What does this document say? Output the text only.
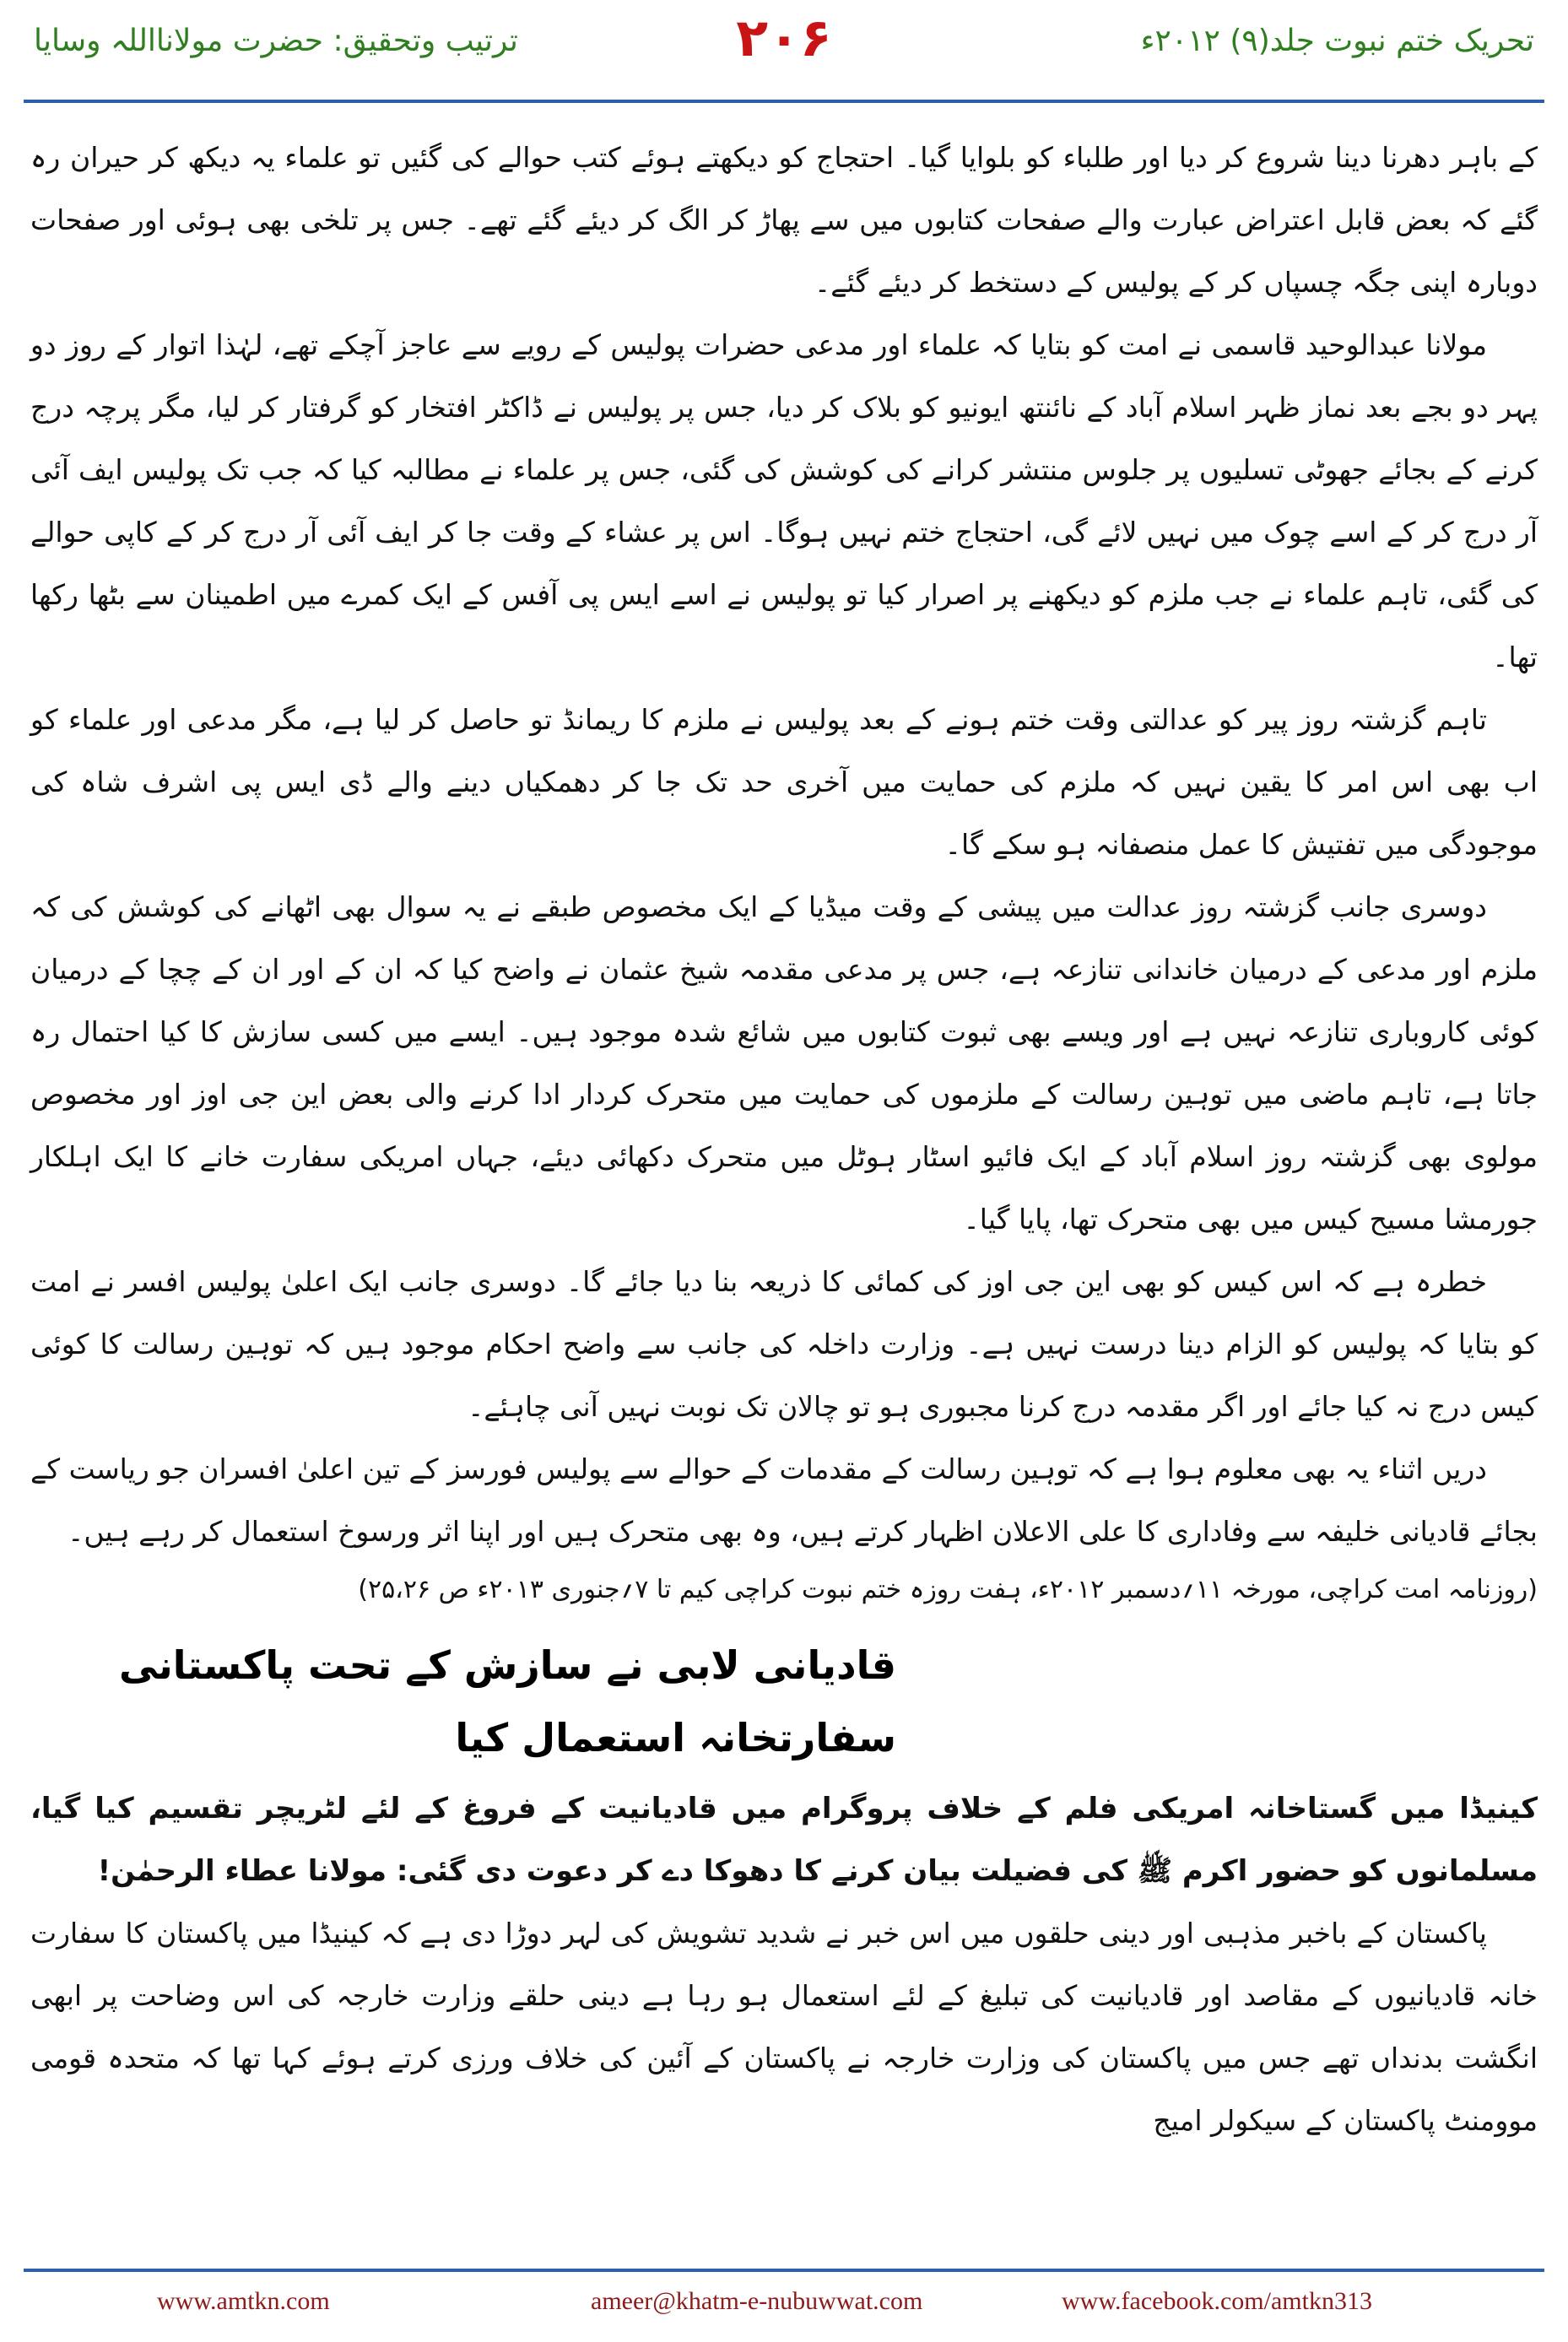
تحریک ختم نبوت جلد(۹) ۲۰۱۲ء
۲۰۶
ترتیب وتحقیق: حضرت مولانااللہ وسایا

کے باہر دھرنا دینا شروع کر دیا اور طلباء کو بلوایا گیا۔ احتجاج کو دیکھتے ہوئے کتب حوالے کی گئیں تو علماء یہ دیکھ کر حیران رہ گئے کہ بعض قابل اعتراض عبارت والے صفحات کتابوں میں سے پھاڑ کر الگ کر دیئے گئے تھے۔ جس پر تلخی بھی ہوئی اور صفحات دوبارہ اپنی جگہ چسپاں کر کے پولیس کے دستخط کر دیئے گئے۔

مولانا عبدالوحید قاسمی نے امت کو بتایا کہ علماء اور مدعی حضرات پولیس کے رویے سے عاجز آچکے تھے، لہٰذا اتوار کے روز دو پہر دو بجے بعد نماز ظہر اسلام آباد کے نائنتھ ایونیو کو بلاک کر دیا، جس پر پولیس نے ڈاکٹر افتخار کو گرفتار کر لیا، مگر پرچہ درج کرنے کے بجائے جھوٹی تسلیوں پر جلوس منتشر کرانے کی کوشش کی گئی، جس پر علماء نے مطالبہ کیا کہ جب تک پولیس ایف آئی آر درج کر کے اسے چوک میں نہیں لائے گی، احتجاج ختم نہیں ہوگا۔ اس پر عشاء کے وقت جا کر ایف آئی آر درج کر کے کاپی حوالے کی گئی، تاہم علماء نے جب ملزم کو دیکھنے پر اصرار کیا تو پولیس نے اسے ایس پی آفس کے ایک کمرے میں اطمینان سے بٹھا رکھا تھا۔

تاہم گزشتہ روز پیر کو عدالتی وقت ختم ہونے کے بعد پولیس نے ملزم کا ریمانڈ تو حاصل کر لیا ہے، مگر مدعی اور علماء کو اب بھی اس امر کا یقین نہیں کہ ملزم کی حمایت میں آخری حد تک جا کر دھمکیاں دینے والے ڈی ایس پی اشرف شاہ کی موجودگی میں تفتیش کا عمل منصفانہ ہو سکے گا۔

دوسری جانب گزشتہ روز عدالت میں پیشی کے وقت میڈیا کے ایک مخصوص طبقے نے یہ سوال بھی اٹھانے کی کوشش کی کہ ملزم اور مدعی کے درمیان خاندانی تنازعہ ہے، جس پر مدعی مقدمہ شیخ عثمان نے واضح کیا کہ ان کے اور ان کے چچا کے درمیان کوئی کاروباری تنازعہ نہیں ہے اور ویسے بھی ثبوت کتابوں میں شائع شدہ موجود ہیں۔ ایسے میں کسی سازش کا کیا احتمال رہ جاتا ہے، تاہم ماضی میں توہین رسالت کے ملزموں کی حمایت میں متحرک کردار ادا کرنے والی بعض این جی اوز اور مخصوص مولوی بھی گزشتہ روز اسلام آباد کے ایک فائیو اسٹار ہوٹل میں متحرک دکھائی دیئے، جہاں امریکی سفارت خانے کا ایک اہلکار جورمشا مسیح کیس میں بھی متحرک تھا، پایا گیا۔

خطرہ ہے کہ اس کیس کو بھی این جی اوز کی کمائی کا ذریعہ بنا دیا جائے گا۔ دوسری جانب ایک اعلیٰ پولیس افسر نے امت کو بتایا کہ پولیس کو الزام دینا درست نہیں ہے۔ وزارت داخلہ کی جانب سے واضح احکام موجود ہیں کہ توہین رسالت کا کوئی کیس درج نہ کیا جائے اور اگر مقدمہ درج کرنا مجبوری ہو تو چالان تک نوبت نہیں آنی چاہئے۔

دریں اثناء یہ بھی معلوم ہوا ہے کہ توہین رسالت کے مقدمات کے حوالے سے پولیس فورسز کے تین اعلیٰ افسران جو ریاست کے بجائے قادیانی خلیفہ سے وفاداری کا علی الاعلان اظہار کرتے ہیں، وہ بھی متحرک ہیں اور اپنا اثر ورسوخ استعمال کر رہے ہیں۔

(روزنامہ امت کراچی، مورخہ ۱۱؍دسمبر ۲۰۱۲ء، ہفت روزہ ختم نبوت کراچی کیم تا ۷؍جنوری ۲۰۱۳ء ص ۲۵،۲۶)

قادیانی لابی نے سازش کے تحت پاکستانی سفارتخانہ استعمال کیا

کینیڈا میں گستاخانہ امریکی فلم کے خلاف پروگرام میں قادیانیت کے فروغ کے لئے لٹریچر تقسیم کیا گیا، مسلمانوں کو حضور اکرم ﷺ کی فضیلت بیان کرنے کا دھوکا دے کر دعوت دی گئی: مولانا عطاء الرحمٰن!

پاکستان کے باخبر مذہبی اور دینی حلقوں میں اس خبر نے شدید تشویش کی لہر دوڑا دی ہے کہ کینیڈا میں پاکستان کا سفارت خانہ قادیانیوں کے مقاصد اور قادیانیت کی تبلیغ کے لئے استعمال ہو رہا ہے دینی حلقے وزارت خارجہ کی اس وضاحت پر ابھی انگشت بدنداں تھے جس میں پاکستان کی وزارت خارجہ نے پاکستان کے آئین کی خلاف ورزی کرتے ہوئے کہا تھا کہ متحدہ قومی موومنٹ پاکستان کے سیکولر امیج

www.amtkn.com	ameer@khatm-e-nubuwwat.com	www.facebook.com/amtkn313
